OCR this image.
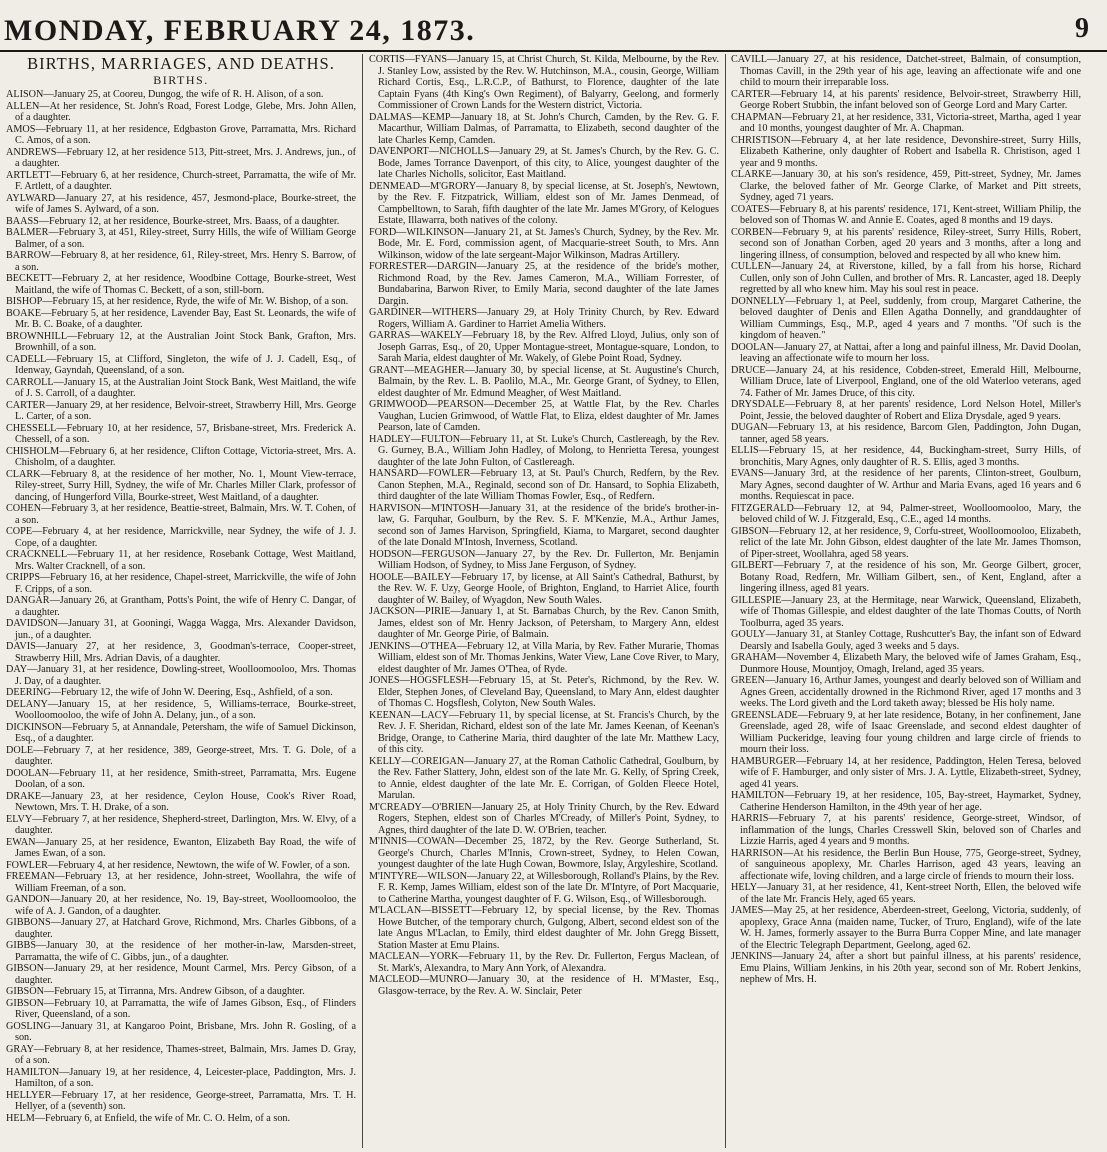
MONDAY, FEBRUARY 24, 1873.	9
BIRTHS, MARRIAGES, AND DEATHS.
BIRTHS.

ALISON—January 25, at Cooreu, Dungog, the wife of R. H. Alison, of a son.

ALLEN—At her residence, St. John's Road, Forest Lodge, Glebe, Mrs. John Allen, of a daughter.

AMOS—February 11, at her residence, Edgbaston Grove, Parramatta, Mrs. Richard C. Amos, of a son.

ANDREWS—February 12, at her residence 513, Pitt-street, Mrs. J. Andrews, jun., of a daughter.

ARTLETT—February 6, at her residence, Church-street, Parramatta, the wife of Mr. F. Artlett, of a daughter.

AYLWARD—January 27, at his residence, 457, Jesmond-place, Bourke-street, the wife of James S. Aylward, of a son.

BAASS—February 12, at her residence, Bourke-street, Mrs. Baass, of a daughter.

BALMER—February 3, at 451, Riley-street, Surry Hills, the wife of William George Balmer, of a son.

BARROW—February 8, at her residence, 61, Riley-street, Mrs. Henry S. Barrow, of a son.

BECKETT—February 2, at her residence, Woodbine Cottage, Bourke-street, West Maitland, the wife of Thomas C. Beckett, of a son, still-born.

BISHOP—February 15, at her residence, Ryde, the wife of Mr. W. Bishop, of a son.

BOAKE—February 5, at her residence, Lavender Bay, East St. Leonards, the wife of Mr. B. C. Boake, of a daughter.

BROWNHILL—February 12, at the Australian Joint Stock Bank, Grafton, Mrs. Brownhill, of a son.

CADELL—February 15, at Clifford, Singleton, the wife of J. J. Cadell, Esq., of Idenway, Gayndah, Queensland, of a son.

CARROLL—January 15, at the Australian Joint Stock Bank, West Maitland, the wife of J. S. Carroll, of a daughter.

CARTER—January 29, at her residence, Belvoir-street, Strawberry Hill, Mrs. George L. Carter, of a son.

CHESSELL—February 10, at her residence, 57, Brisbane-street, Mrs. Frederick A. Chessell, of a son.

CHISHOLM—February 6, at her residence, Clifton Cottage, Victoria-street, Mrs. A. Chisholm, of a daughter.

CLARK—February 8, at the residence of her mother, No. 1, Mount View-terrace, Riley-street, Surry Hill, Sydney, the wife of Mr. Charles Miller Clark, professor of dancing, of Hungerford Villa, Bourke-street, West Maitland, of a daughter.

COHEN—February 3, at her residence, Beattie-street, Balmain, Mrs. W. T. Cohen, of a son.

COPE—February 4, at her residence, Marrickville, near Sydney, the wife of J. J. Cope, of a daughter.

CRACKNELL—February 11, at her residence, Rosebank Cottage, West Maitland, Mrs. Walter Cracknell, of a son.

CRIPPS—February 16, at her residence, Chapel-street, Marrickville, the wife of John F. Cripps, of a son.

DANGAR—January 26, at Grantham, Potts's Point, the wife of Henry C. Dangar, of a daughter.

DAVIDSON—January 31, at Gooningi, Wagga Wagga, Mrs. Alexander Davidson, jun., of a daughter.

DAVIS—January 27, at her residence, 3, Goodman's-terrace, Cooper-street, Strawberry Hill, Mrs. Adrian Davis, of a daughter.

DAY—January 31, at her residence, Dowling-street, Woolloomooloo, Mrs. Thomas J. Day, of a daughter.

DEERING—February 12, the wife of John W. Deering, Esq., Ashfield, of a son.

DELANY—January 15, at her residence, 5, Williams-terrace, Bourke-street, Woolloomooloo, the wife of John A. Delany, jun., of a son.

DICKINSON—February 5, at Annandale, Petersham, the wife of Samuel Dickinson, Esq., of a daughter.

DOLE—February 7, at her residence, 389, George-street, Mrs. T. G. Dole, of a daughter.

DOOLAN—February 11, at her residence, Smith-street, Parramatta, Mrs. Eugene Doolan, of a son.

DRAKE—January 23, at her residence, Ceylon House, Cook's River Road, Newtown, Mrs. T. H. Drake, of a son.

ELVY—February 7, at her residence, Shepherd-street, Darlington, Mrs. W. Elvy, of a daughter.

EWAN—January 25, at her residence, Ewanton, Elizabeth Bay Road, the wife of James Ewan, of a son.

FOWLER—February 4, at her residence, Newtown, the wife of W. Fowler, of a son.

FREEMAN—February 13, at her residence, John-street, Woollahra, the wife of William Freeman, of a son.

GANDON—January 20, at her residence, No. 19, Bay-street, Woolloomooloo, the wife of A. J. Gandon, of a daughter.

GIBBONS—January 27, at Hatchard Grove, Richmond, Mrs. Charles Gibbons, of a daughter.

GIBBS—January 30, at the residence of her mother-in-law, Marsden-street, Parramatta, the wife of C. Gibbs, jun., of a daughter.

GIBSON—January 29, at her residence, Mount Carmel, Mrs. Percy Gibson, of a daughter.

GIBSON—February 15, at Tirranna, Mrs. Andrew Gibson, of a daughter.

GIBSON—February 10, at Parramatta, the wife of James Gibson, Esq., of Flinders River, Queensland, of a son.

GOSLING—January 31, at Kangaroo Point, Brisbane, Mrs. John R. Gosling, of a son.

GRAY—February 8, at her residence, Thames-street, Balmain, Mrs. James D. Gray, of a son.

HAMILTON—January 19, at her residence, 4, Leicester-place, Paddington, Mrs. J. Hamilton, of a son.

HELLYER—February 17, at her residence, George-street, Parramatta, Mrs. T. H. Hellyer, of a (seventh) son.

HELM—February 6, at Enfield, the wife of Mr. C. O. Helm, of a son.

CORTIS—FYANS—January 15, at Christ Church, St. Kilda, Melbourne, by the Rev. J. Stanley Low, assisted by the Rev. W. Hutchinson, M.A., cousin, George, William Richard Cortis, Esq., L.R.C.P., of Bathurst, to Florence, daughter of the late Captain Fyans (4th King's Own Regiment), of Balyarry, Geelong, and formerly Commissioner of Crown Lands for the Western district, Victoria.

DALMAS—KEMP—January 18, at St. John's Church, Camden, by the Rev. G. F. Macarthur, William Dalmas, of Parramatta, to Elizabeth, second daughter of the late Charles Kemp, Camden.

DAVENPORT—NICHOLLS—January 29, at St. James's Church, by the Rev. G. C. Bode, James Torrance Davenport, of this city, to Alice, youngest daughter of the late Charles Nicholls, solicitor, East Maitland.

DENMEAD—M'GRORY—January 8, by special license, at St. Joseph's, Newtown, by the Rev. F. Fitzpatrick, William, eldest son of Mr. James Denmead, of Campbelltown, to Sarah, fifth daughter of the late Mr. James M'Grory, of Kelogues Estate, Illawarra, both natives of the colony.

FORD—WILKINSON—January 21, at St. James's Church, Sydney, by the Rev. Mr. Bode, Mr. E. Ford, commission agent, of Macquarie-street South, to Mrs. Ann Wilkinson, widow of the late sergeant-Major Wilkinson, Madras Artillery.

FORRESTER—DARGIN—January 25, at the residence of the bride's mother, Richmond Road, by the Rev. James Cameron, M.A., William Forrester, of Bundabarina, Barwon River, to Emily Maria, second daughter of the late James Dargin.

GARDINER—WITHERS—January 29, at Holy Trinity Church, by Rev. Edward Rogers, William A. Gardiner to Harriet Amelia Withers.

GARRAS—WAKELY—February 18, by the Rev. Alfred Lloyd, Julius, only son of Joseph Garras, Esq., of 20, Upper Montague-street, Montague-square, London, to Sarah Maria, eldest daughter of Mr. Wakely, of Glebe Point Road, Sydney.

GRANT—MEAGHER—January 30, by special license, at St. Augustine's Church, Balmain, by the Rev. L. B. Paolilo, M.A., Mr. George Grant, of Sydney, to Ellen, eldest daughter of Mr. Edmund Meagher, of West Maitland.

GRIMWOOD—PEARSON—December 25, at Wattle Flat, by the Rev. Charles Vaughan, Lucien Grimwood, of Wattle Flat, to Eliza, eldest daughter of Mr. James Pearson, late of Camden.

HADLEY—FULTON—February 11, at St. Luke's Church, Castlereagh, by the Rev. G. Gurney, B.A., William John Hadley, of Molong, to Henrietta Teresa, youngest daughter of the late John Fulton, of Castlereagh.

HANSARD—FOWLER—February 13, at St. Paul's Church, Redfern, by the Rev. Canon Stephen, M.A., Reginald, second son of Dr. Hansard, to Sophia Elizabeth, third daughter of the late William Thomas Fowler, Esq., of Redfern.

HARVISON—M'INTOSH—January 31, at the residence of the bride's brother-in-law, G. Farquhar, Goulburn, by the Rev. S. F. M'Kenzie, M.A., Arthur James, second son of James Harvison, Springfield, Kiama, to Margaret, second daughter of the late Donald M'Intosh, Inverness, Scotland.

HODSON—FERGUSON—January 27, by the Rev. Dr. Fullerton, Mr. Benjamin William Hodson, of Sydney, to Miss Jane Ferguson, of Sydney.

HOOLE—BAILEY—February 17, by license, at All Saint's Cathedral, Bathurst, by the Rev. W. F. Uzy, George Hoole, of Brighton, England, to Harriet Alice, fourth daughter of W. Bailey, of Wyagdon, New South Wales.

JACKSON—PIRIE—January 1, at St. Barnabas Church, by the Rev. Canon Smith, James, eldest son of Mr. Henry Jackson, of Petersham, to Margery Ann, eldest daughter of Mr. George Pirie, of Balmain.

JENKINS—O'THEA—February 12, at Villa Maria, by Rev. Father Murarie, Thomas William, eldest son of Mr. Thomas Jenkins, Water View, Lane Cove River, to Mary, eldest daughter of Mr. James O'Thea, of Ryde.

JONES—HOGSFLESH—February 15, at St. Peter's, Richmond, by the Rev. W. Elder, Stephen Jones, of Cleveland Bay, Queensland, to Mary Ann, eldest daughter of Thomas C. Hogsflesh, Colyton, New South Wales.

KEENAN—LACY—February 11, by special license, at St. Francis's Church, by the Rev. J. F. Sheridan, Richard, eldest son of the late Mr. James Keenan, of Keenan's Bridge, Orange, to Catherine Maria, third daughter of the late Mr. Matthew Lacy, of this city.

KELLY—COREIGAN—January 27, at the Roman Catholic Cathedral, Goulburn, by the Rev. Father Slattery, John, eldest son of the late Mr. G. Kelly, of Spring Creek, to Annie, eldest daughter of the late Mr. E. Corrigan, of Golden Fleece Hotel, Marulan.

M'CREADY—O'BRIEN—January 25, at Holy Trinity Church, by the Rev. Edward Rogers, Stephen, eldest son of Charles M'Cready, of Miller's Point, Sydney, to Agnes, third daughter of the late D. W. O'Brien, teacher.

M'INNIS—COWAN—December 25, 1872, by the Rev. George Sutherland, St. George's Church, Charles M'Innis, Crown-street, Sydney, to Helen Cowan, youngest daughter of the late Hugh Cowan, Bowmore, Islay, Argyleshire, Scotland.

M'INTYRE—WILSON—January 22, at Willesborough, Rolland's Plains, by the Rev. F. R. Kemp, James William, eldest son of the late Dr. M'Intyre, of Port Macquarie, to Catherine Martha, youngest daughter of F. G. Wilson, Esq., of Willesborough.

M'LACLAN—BISSETT—February 12, by special license, by the Rev. Thomas Howe Butcher, of the temporary church, Gulgong, Albert, second eldest son of the late Angus M'Laclan, to Emily, third eldest daughter of Mr. John Gregg Bissett, Station Master at Emu Plains.

MACLEAN—YORK—February 11, by the Rev. Dr. Fullerton, Fergus Maclean, of St. Mark's, Alexandra, to Mary Ann York, of Alexandra.

MACLEOD—MUNRO—January 30, at the residence of H. M'Master, Esq., Glasgow-terrace, by the Rev. A. W. Sinclair, Peter

CAVILL—January 27, at his residence, Datchet-street, Balmain, of consumption, Thomas Cavill, in the 29th year of his age, leaving an affectionate wife and one child to mourn their irreparable loss.

CARTER—February 14, at his parents' residence, Belvoir-street, Strawberry Hill, George Robert Stubbin, the infant beloved son of George Lord and Mary Carter.

CHAPMAN—February 21, at her residence, 331, Victoria-street, Martha, aged 1 year and 10 months, youngest daughter of Mr. A. Chapman.

CHRISTISON—February 4, at her late residence, Devonshire-street, Surry Hills, Elizabeth Katherine, only daughter of Robert and Isabella R. Christison, aged 1 year and 9 months.

CLARKE—January 30, at his son's residence, 459, Pitt-street, Sydney, Mr. James Clarke, the beloved father of Mr. George Clarke, of Market and Pitt streets, Sydney, aged 71 years.

COATES—February 8, at his parents' residence, 171, Kent-street, William Philip, the beloved son of Thomas W. and Annie E. Coates, aged 8 months and 19 days.

CORBEN—February 9, at his parents' residence, Riley-street, Surry Hills, Robert, second son of Jonathan Corben, aged 20 years and 3 months, after a long and lingering illness, of consumption, beloved and respected by all who knew him.

CULLEN—January 24, at Riverstone, killed, by a fall from his horse, Richard Cullen, only son of John Cullen, and brother of Mrs. R. Lancaster, aged 18. Deeply regretted by all who knew him. May his soul rest in peace.

DONNELLY—February 1, at Peel, suddenly, from croup, Margaret Catherine, the beloved daughter of Denis and Ellen Agatha Donnelly, and granddaughter of William Cummings, Esq., M.P., aged 4 years and 7 months. "Of such is the kingdom of heaven."

DOOLAN—January 27, at Nattai, after a long and painful illness, Mr. David Doolan, leaving an affectionate wife to mourn her loss.

DRUCE—January 24, at his residence, Cobden-street, Emerald Hill, Melbourne, William Druce, late of Liverpool, England, one of the old Waterloo veterans, aged 74. Father of Mr. James Druce, of this city.

DRYSDALE—February 8, at her parents' residence, Lord Nelson Hotel, Miller's Point, Jessie, the beloved daughter of Robert and Eliza Drysdale, aged 9 years.

DUGAN—February 13, at his residence, Barcom Glen, Paddington, John Dugan, tanner, aged 58 years.

ELLIS—February 15, at her residence, 44, Buckingham-street, Surry Hills, of bronchitis, Mary Agnes, only daughter of R. S. Ellis, aged 3 months.

EVANS—January 3rd, at the residence of her parents, Clinton-street, Goulburn, Mary Agnes, second daughter of W. Arthur and Maria Evans, aged 16 years and 6 months. Requiescat in pace.

FITZGERALD—February 12, at 94, Palmer-street, Woolloomooloo, Mary, the beloved child of W. J. Fitzgerald, Esq., C.E., aged 14 months.

GIBSON—February 12, at her residence, 9, Corfu-street, Woolloomooloo, Elizabeth, relict of the late Mr. John Gibson, eldest daughter of the late Mr. James Thomson, of Piper-street, Woollahra, aged 58 years.

GILBERT—February 7, at the residence of his son, Mr. George Gilbert, grocer, Botany Road, Redfern, Mr. William Gilbert, sen., of Kent, England, after a lingering illness, aged 81 years.

GILLESPIE—January 23, at the Hermitage, near Warwick, Queensland, Elizabeth, wife of Thomas Gillespie, and eldest daughter of the late Thomas Coutts, of North Toolburra, aged 35 years.

GOULY—January 31, at Stanley Cottage, Rushcutter's Bay, the infant son of Edward Dearsly and Isabella Gouly, aged 3 weeks and 5 days.

GRAHAM—November 4, Elizabeth Mary, the beloved wife of James Graham, Esq., Dunmore House, Mountjoy, Omagh, Ireland, aged 35 years.

GREEN—January 16, Arthur James, youngest and dearly beloved son of William and Agnes Green, accidentally drowned in the Richmond River, aged 17 months and 3 weeks. The Lord giveth and the Lord taketh away; blessed be His holy name.

GREENSLADE—February 9, at her late residence, Botany, in her confinement, Jane Greenslade, aged 28, wife of Isaac Greenslade, and second eldest daughter of William Puckeridge, leaving four young children and large circle of friends to mourn their loss.

HAMBURGER—February 14, at her residence, Paddington, Helen Teresa, beloved wife of F. Hamburger, and only sister of Mrs. J. A. Lyttle, Elizabeth-street, Sydney, aged 41 years.

HAMILTON—February 19, at her residence, 105, Bay-street, Haymarket, Sydney, Catherine Henderson Hamilton, in the 49th year of her age.

HARRIS—February 7, at his parents' residence, George-street, Windsor, of inflammation of the lungs, Charles Cresswell Skin, beloved son of Charles and Lizzie Harris, aged 4 years and 9 months.

HARRISON—At his residence, the Berlin Bun House, 775, George-street, Sydney, of sanguineous apoplexy, Mr. Charles Harrison, aged 43 years, leaving an affectionate wife, loving children, and a large circle of friends to mourn their loss.

HELY—January 31, at her residence, 41, Kent-street North, Ellen, the beloved wife of the late Mr. Francis Hely, aged 65 years.

JAMES—May 25, at her residence, Aberdeen-street, Geelong, Victoria, suddenly, of apoplexy, Grace Anna (maiden name, Tucker, of Truro, England), wife of the late W. H. James, formerly assayer to the Burra Burra Copper Mine, and late manager of the Electric Telegraph Department, Geelong, aged 62.

JENKINS—January 24, after a short but painful illness, at his parents' residence, Emu Plains, William Jenkins, in his 20th year, second son of Mr. Robert Jenkins, nephew of Mrs. H.
